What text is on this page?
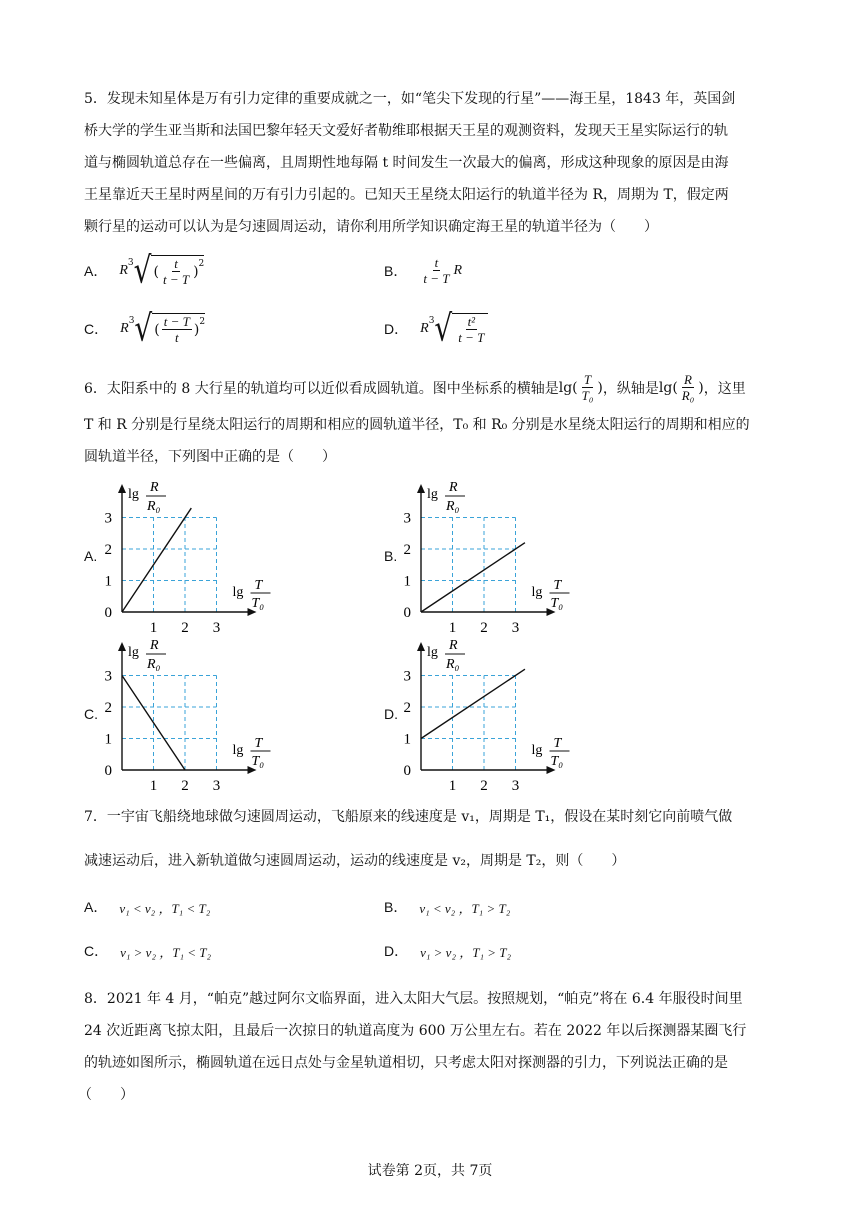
5．发现未知星体是万有引力定律的重要成就之一，如“笔尖下发现的行星”——海王星，1843 年，英国剑
桥大学的学生亚当斯和法国巴黎年轻天文爱好者勒维耶根据天王星的观测资料，发现天王星实际运行的轨
道与椭圆轨道总存在一些偏离，且周期性地每隔 t 时间发生一次最大的偏离，形成这种现象的原因是由海
王星靠近天王星时两星间的万有引力引起的。已知天王星绕太阳运行的轨道半径为 R，周期为 T，假定两
颗行星的运动可以认为是匀速圆周运动，请你利用所学知识确定海王星的轨道半径为（　　）
A． $R^3$ √ ( $\frac{t}{t - T} )^2$	B． $\frac{t}{t - T}$ R
C． $R^3$ √ ( $\frac{t - T}{t} )^2$	D． $R^3$ √ $\frac{\text{t²}}{t - T}$
6．太阳系中的 8 大行星的轨道均可以近似看成圆轨道。图中坐标系的横轴是 lg ( $\frac{T}{\text{T₀}}$ ) ，纵轴是 lg ( $\frac{R}{\text{R₀}}$ ) ，这里
T 和 R 分别是行星绕太阳运行的周期和相应的圆轨道半径，T₀ 和 R₀ 分别是水星绕太阳运行的周期和相应的
圆轨道半径，下列图中正确的是（　　）
A.	B.
C.	D.
0
1
2
3
1 2 3
lg R
R₀
lg T
T₀
0
1
2
3
1 2 3
lg R
R₀
lg T
T₀
0
1
2
3
1 2 3
lg R
R₀
lg T
T₀
0
1
2
3
1 2 3
lg R
R₀
lg T
T₀
7．一宇宙飞船绕地球做匀速圆周运动，飞船原来的线速度是 v₁，周期是 T₁，假设在某时刻它向前喷气做
减速运动后，进入新轨道做匀速圆周运动，运动的线速度是 v₂，周期是 T₂，则（　　）
A． v₁ < v₂ ，T₁ < T₂	B． v₁ < v₂ ，T₁ > T₂
C． v₁ > v₂ ，T₁ < T₂	D． v₁ > v₂ ，T₁ > T₂
8．2021 年 4 月，“帕克”越过阿尔文临界面，进入太阳大气层。按照规划，“帕克”将在 6.4 年服役时间里
24 次近距离飞掠太阳，且最后一次掠日的轨道高度为 600 万公里左右。若在 2022 年以后探测器某圈飞行
的轨迹如图所示，椭圆轨道在远日点处与金星轨道相切，只考虑太阳对探测器的引力，下列说法正确的是
（　　）
试卷第 2页，共 7页
